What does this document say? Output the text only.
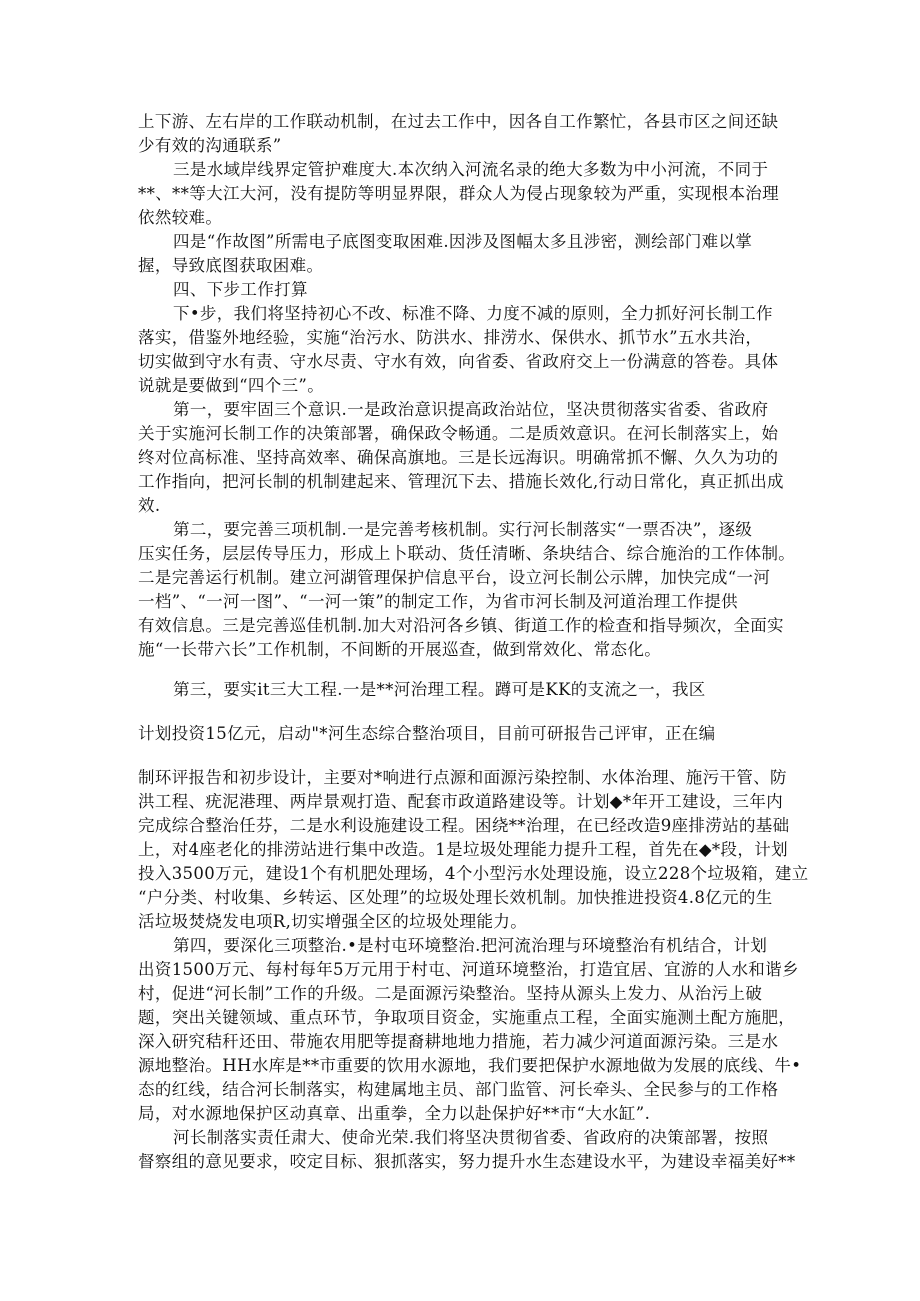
上下游、左右岸的工作联动机制，在过去工作中，因各自工作繁忙，各县市区之间还缺

少有效的沟通联系”

三是水域岸线界定管护难度大.本次纳入河流名录的绝大多数为中小河流，不同于

**、**等大江大河，没有提防等明显界限，群众人为侵占现象较为严重，实现根本治理

依然较难。

四是“作故图”所需电子底图变取困难.因涉及图幅太多且涉密，测绘部门难以掌

握，导致底图获取困难。

四、下步工作打算

下•步，我们将坚持初心不改、标准不降、力度不减的原则，全力抓好河长制工作

落实，借鉴外地经验，实施“治污水、防洪水、排涝水、保供水、抓节水”五水共治，

切实做到守水有责、守水尽责、守水有效，向省委、省政府交上一份满意的答卷。具体

说就是要做到“四个三”。

第一，要牢固三个意识.一是政治意识提高政治站位，坚决贯彻落实省委、省政府

关于实施河长制工作的决策部署，确保政令畅通。二是质效意识。在河长制落实上，始

终对位高标准、坚持高效率、确保高旗地。三是长远海识。明确常抓不懈、久久为功的

工作指向，把河长制的机制建起来、管理沉下去、措施长效化,行动日常化，真正抓出成

效.

第二，要完善三项机制.一是完善考核机制。实行河长制落实“一票否决”，逐级

压实任务，层层传导压力，形成上卜联动、货任清晰、条块结合、综合施治的工作体制。

二是完善运行机制。建立河湖管理保护信息平台，设立河长制公示牌，加快完成“一河

一档”、“一河一图”、“一河一策”的制定工作，为省市河长制及河道治理工作提供

有效信息。三是完善巡佳机制.加大对沿河各乡镇、街道工作的检查和指导频次，全面实

施“一长带六长”工作机制，不间断的开展巡查，做到常效化、常态化。

第三，要实it三大工程.一是**河治理工程。蹲可是KK的支流之一，我区

计划投资15亿元，启动"*河生态综合整治项目，目前可研报告己评审，正在编

制环评报告和初步设计，主要对*响进行点源和面源污染控制、水体治理、施污干管、防

洪工程、疣泥港理、两岸景观打造、配套市政道路建设等。计划◆*年开工建设，三年内

完成综合整治任芬，二是水利设施建设工程。困绕**治理，在已经改造9座排涝站的基础

上，对4座老化的排涝站进行集中改造。1是垃圾处理能力提升工程，首先在◆*段，计划

投入3500万元，建设1个有机肥处理场，4个小型污水处理设施，设立228个垃圾箱，建立

“户分类、村收集、乡转运、区处理”的垃圾处理长效机制。加快推进投资4.8亿元的生

活垃圾焚烧发电项R,切实增强全区的垃圾处理能力。

第四，要深化三项整治.•是村屯环境整治.把河流治理与环境整治有机结合，计划

出资1500万元、每村每年5万元用于村屯、河道环境整治，打造宜居、宜游的人水和谐乡

村，促进“河长制”工作的升级。二是面源污染整治。坚持从源头上发力、从治污上破

题，突出关键领域、重点环节，争取项目资金，实施重点工程，全面实施测土配方施肥，

深入研究秸秆还田、带施农用肥等提裔耕地地力措施，若力减少河道面源污染。三是水

源地整治。HH水库是**市重要的饮用水源地，我们要把保护水源地做为发展的底线、牛•

态的红线，结合河长制落实，构建属地主员、部门监管、河长牵头、全民参与的工作格

局，对水源地保护区动真章、出重拳，全力以赴保护好**市“大水缸”.

河长制落实责任肃大、使命光荣.我们将坚决贯彻省委、省政府的决策部署，按照

督察组的意见要求，咬定目标、狠抓落实，努力提升水生态建设水平，为建设幸福美好**
